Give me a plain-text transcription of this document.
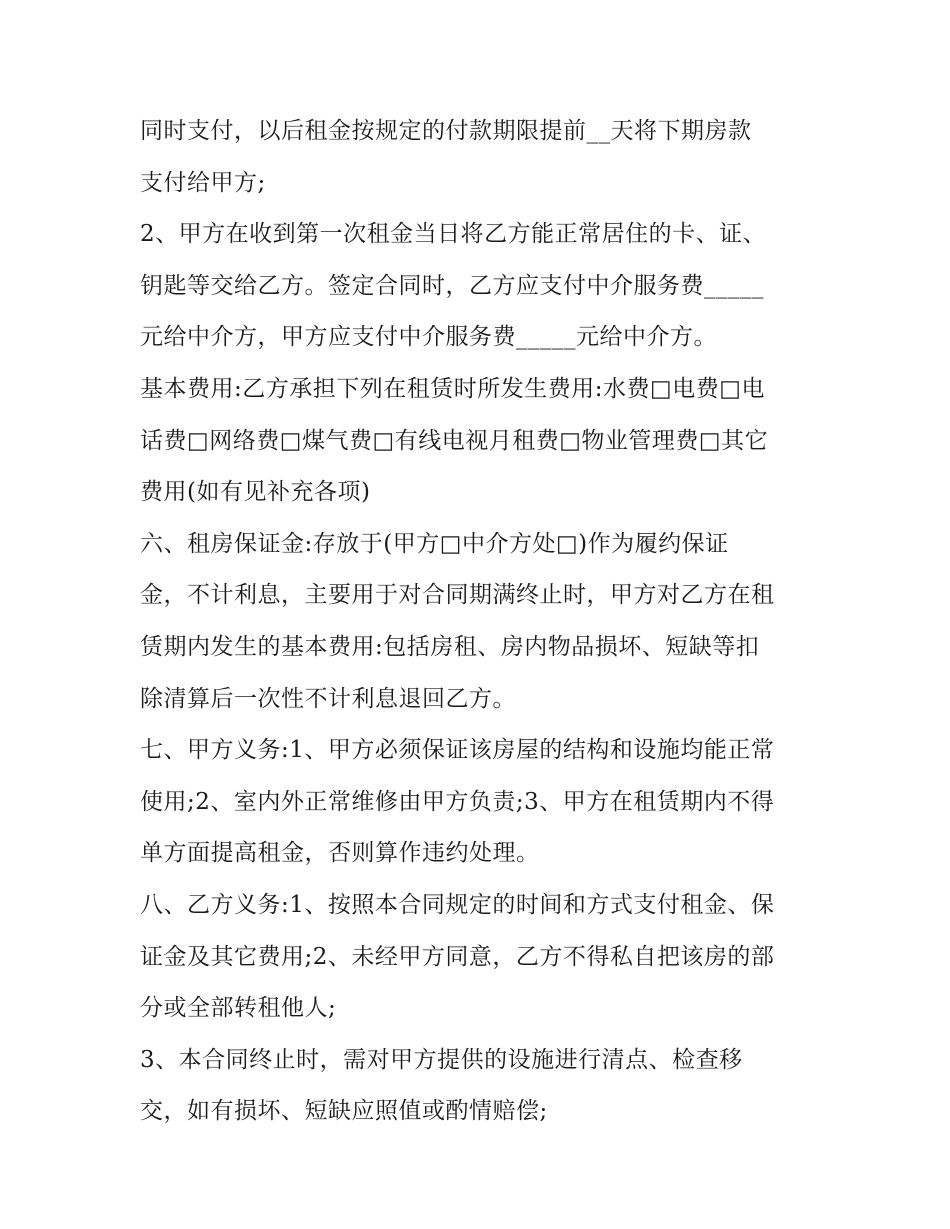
同时支付，以后租金按规定的付款期限提前__天将下期房款
支付给甲方;
2、甲方在收到第一次租金当日将乙方能正常居住的卡、证、
钥匙等交给乙方。签定合同时，乙方应支付中介服务费_____
元给中介方，甲方应支付中介服务费_____元给中介方。
基本费用:乙方承担下列在租赁时所发生费用:水费□电费□电
话费□网络费□煤气费□有线电视月租费□物业管理费□其它
费用(如有见补充各项)
六、租房保证金:存放于(甲方□中介方处□)作为履约保证
金，不计利息，主要用于对合同期满终止时，甲方对乙方在租
赁期内发生的基本费用:包括房租、房内物品损坏、短缺等扣
除清算后一次性不计利息退回乙方。
七、甲方义务:1、甲方必须保证该房屋的结构和设施均能正常
使用;2、室内外正常维修由甲方负责;3、甲方在租赁期内不得
单方面提高租金，否则算作违约处理。
八、乙方义务:1、按照本合同规定的时间和方式支付租金、保
证金及其它费用;2、未经甲方同意，乙方不得私自把该房的部
分或全部转租他人;
3、本合同终止时，需对甲方提供的设施进行清点、检查移
交，如有损坏、短缺应照值或酌情赔偿;
